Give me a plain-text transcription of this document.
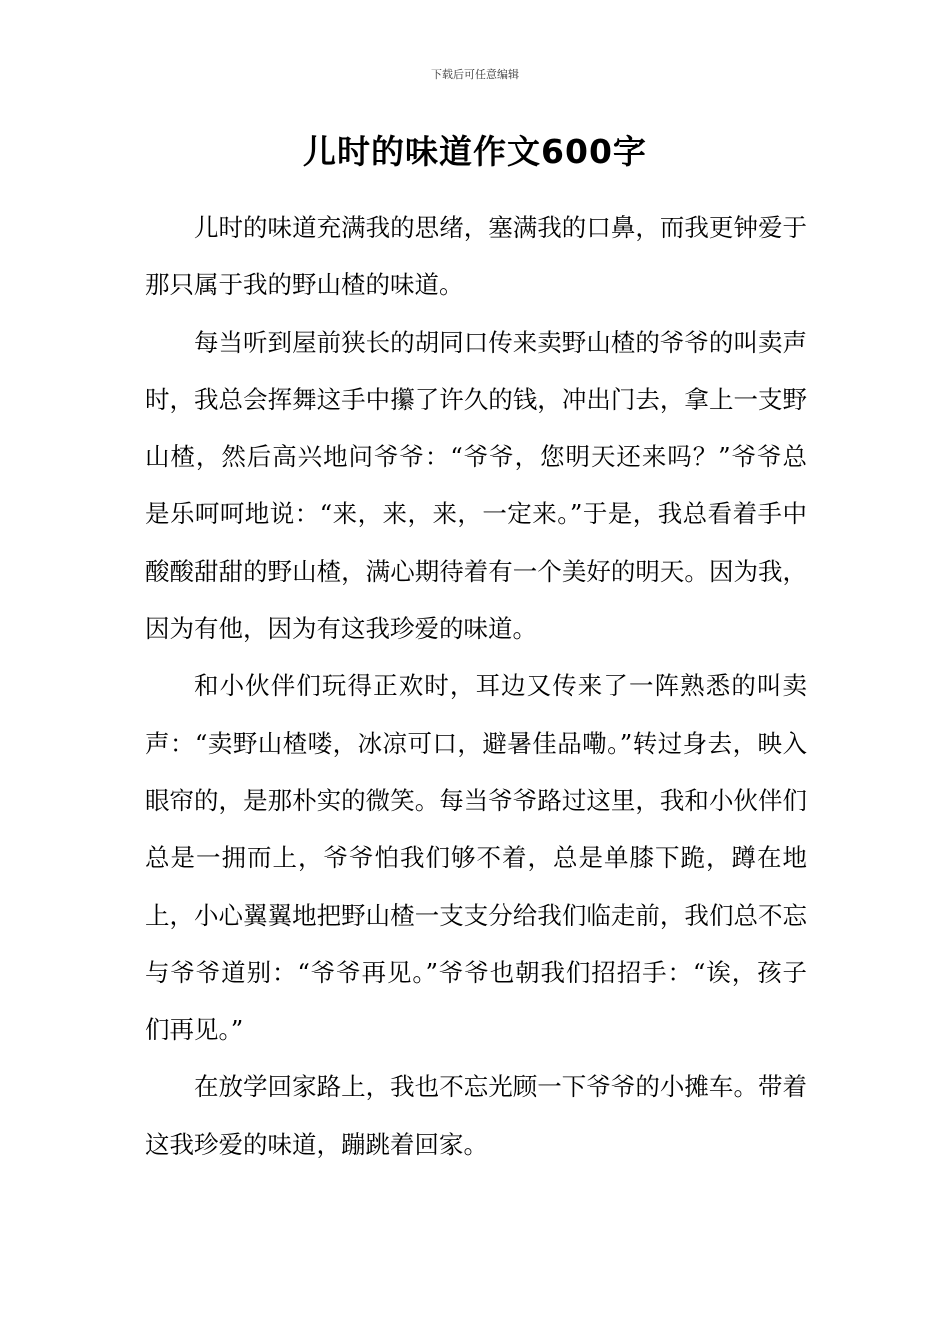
下载后可任意编辑
儿时的味道作文600字

儿时的味道充满我的思绪，塞满我的口鼻，而我更钟爱于那只属于我的野山楂的味道。

每当听到屋前狭长的胡同口传来卖野山楂的爷爷的叫卖声时，我总会挥舞这手中攥了许久的钱，冲出门去，拿上一支野山楂，然后高兴地问爷爷：“爷爷，您明天还来吗？”爷爷总是乐呵呵地说：“来，来，来，一定来。”于是，我总看着手中酸酸甜甜的野山楂，满心期待着有一个美好的明天。因为我，因为有他，因为有这我珍爱的味道。

和小伙伴们玩得正欢时，耳边又传来了一阵熟悉的叫卖声：“卖野山楂喽，冰凉可口，避暑佳品嘞。”转过身去，映入眼帘的，是那朴实的微笑。每当爷爷路过这里，我和小伙伴们总是一拥而上，爷爷怕我们够不着，总是单膝下跪，蹲在地上，小心翼翼地把野山楂一支支分给我们临走前，我们总不忘与爷爷道别：“爷爷再见。”爷爷也朝我们招招手：“诶，孩子们再见。”

在放学回家路上，我也不忘光顾一下爷爷的小摊车。带着这我珍爱的味道，蹦跳着回家。
